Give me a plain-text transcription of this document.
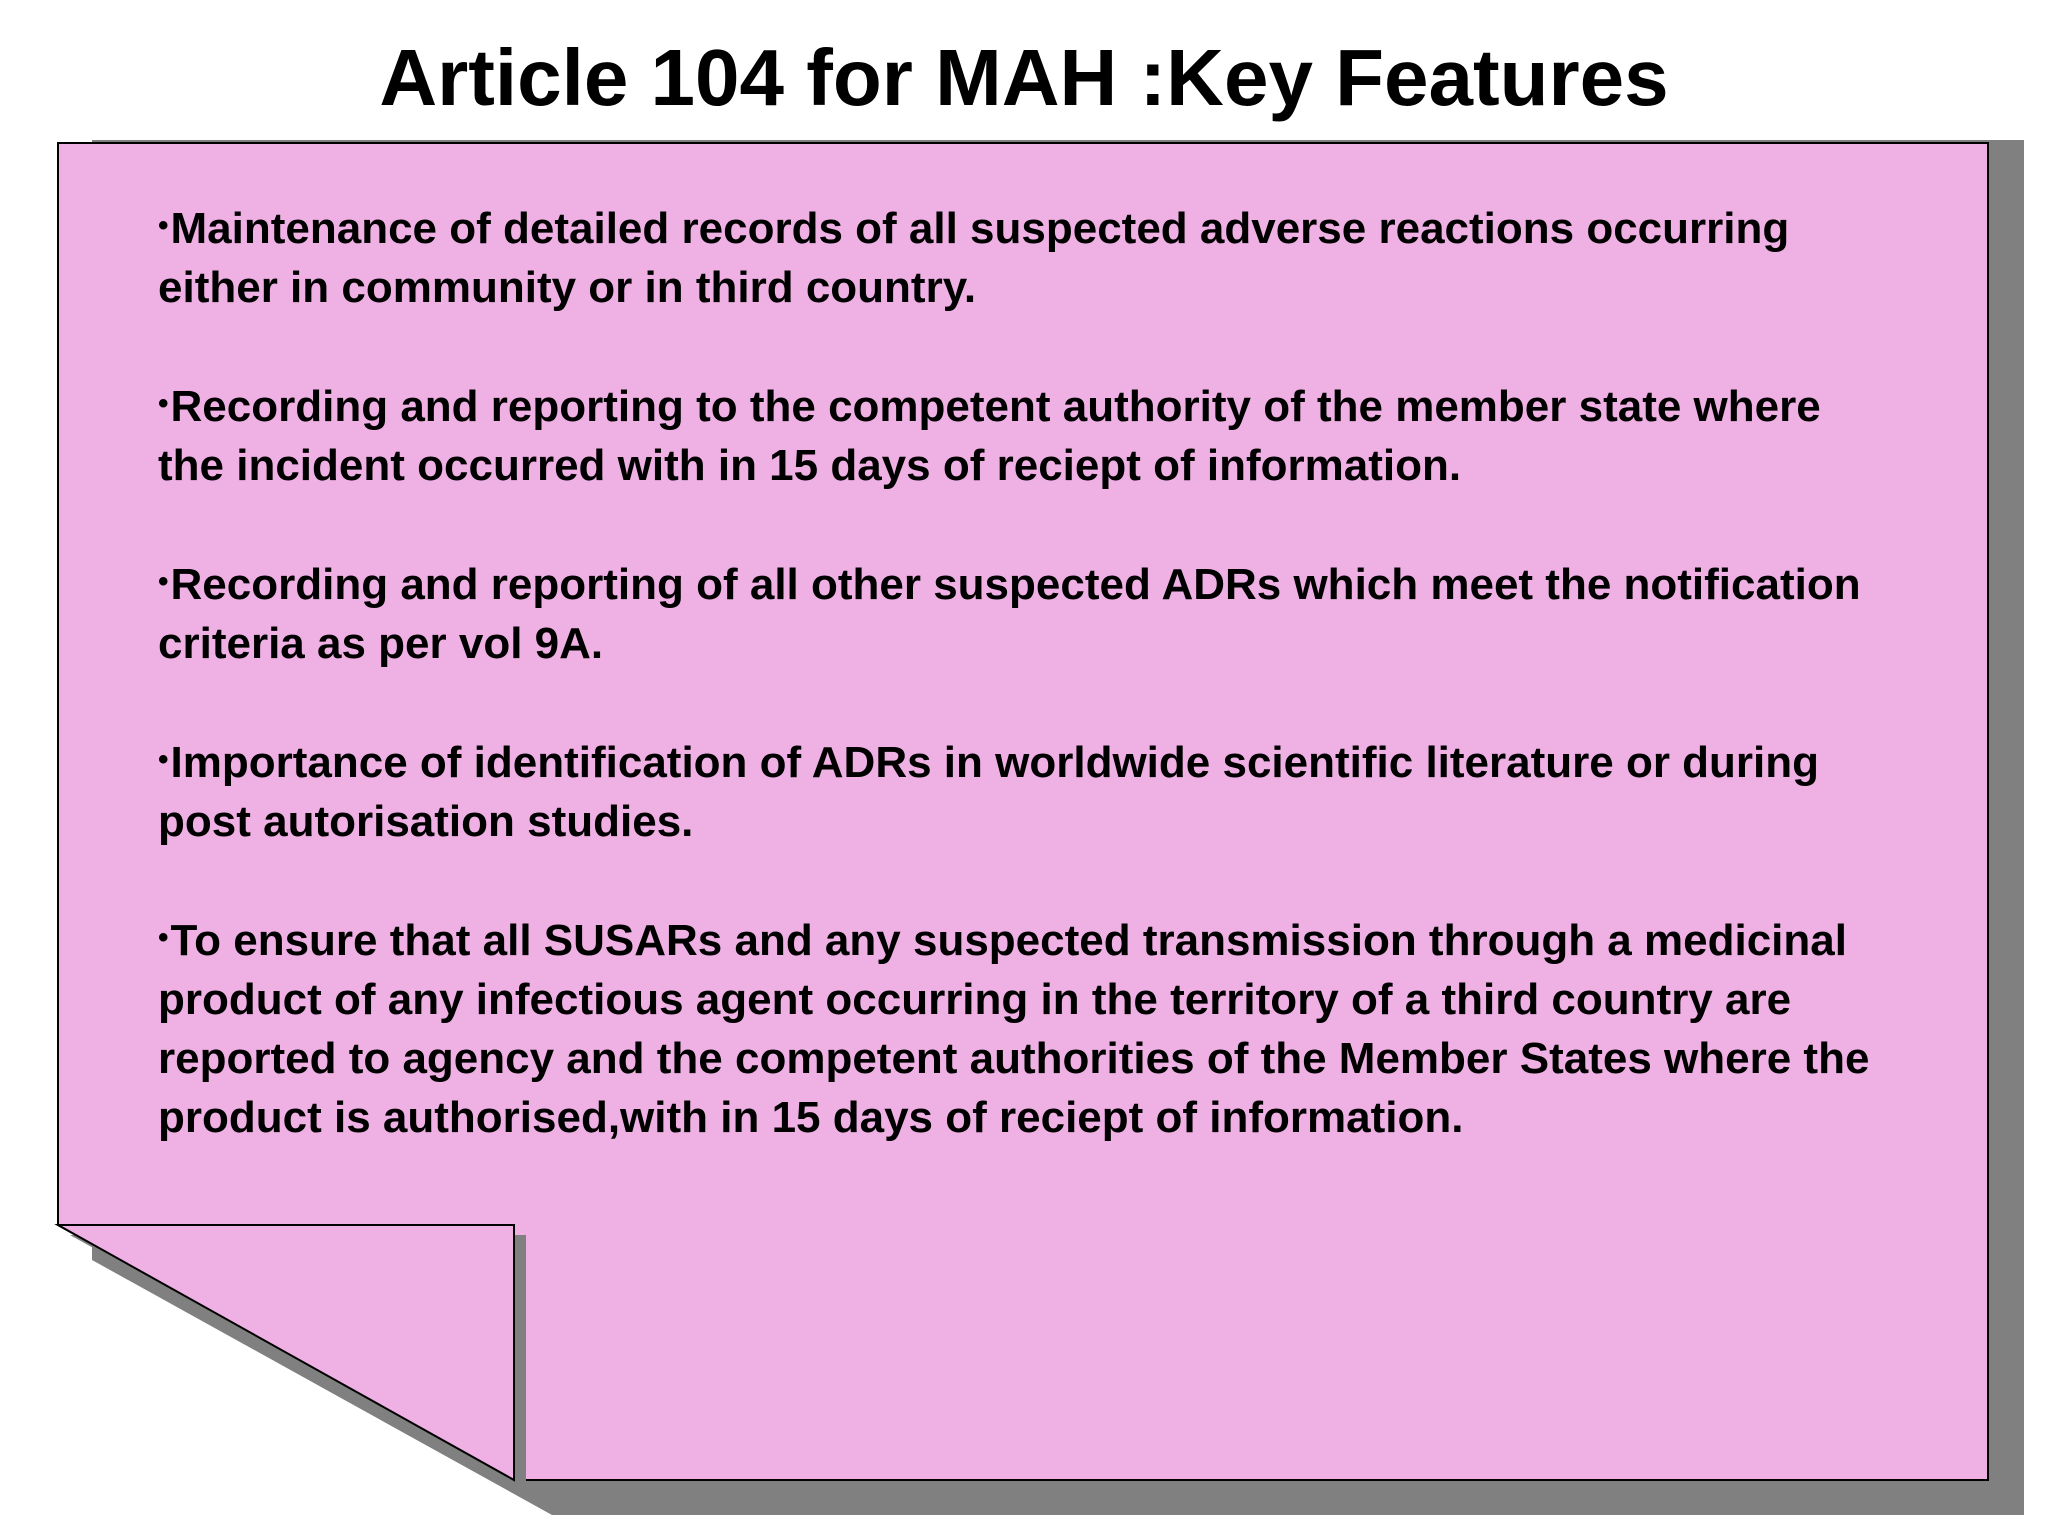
Article 104 for MAH :Key Features
•Maintenance of detailed records of all suspected adverse reactions occurring either in community or in third country.
•Recording and reporting to the competent authority of the member state where the incident occurred with in 15 days of reciept of information.
•Recording and reporting of all other suspected ADRs which meet the notification criteria as per vol 9A.
•Importance of identification of ADRs in worldwide scientific literature or during post autorisation studies.
•To ensure that all SUSARs and any suspected transmission through a medicinal product of any infectious agent occurring in the territory of a third country are reported to agency and the competent authorities of the Member States where the product is authorised,with in 15 days of reciept of information.
